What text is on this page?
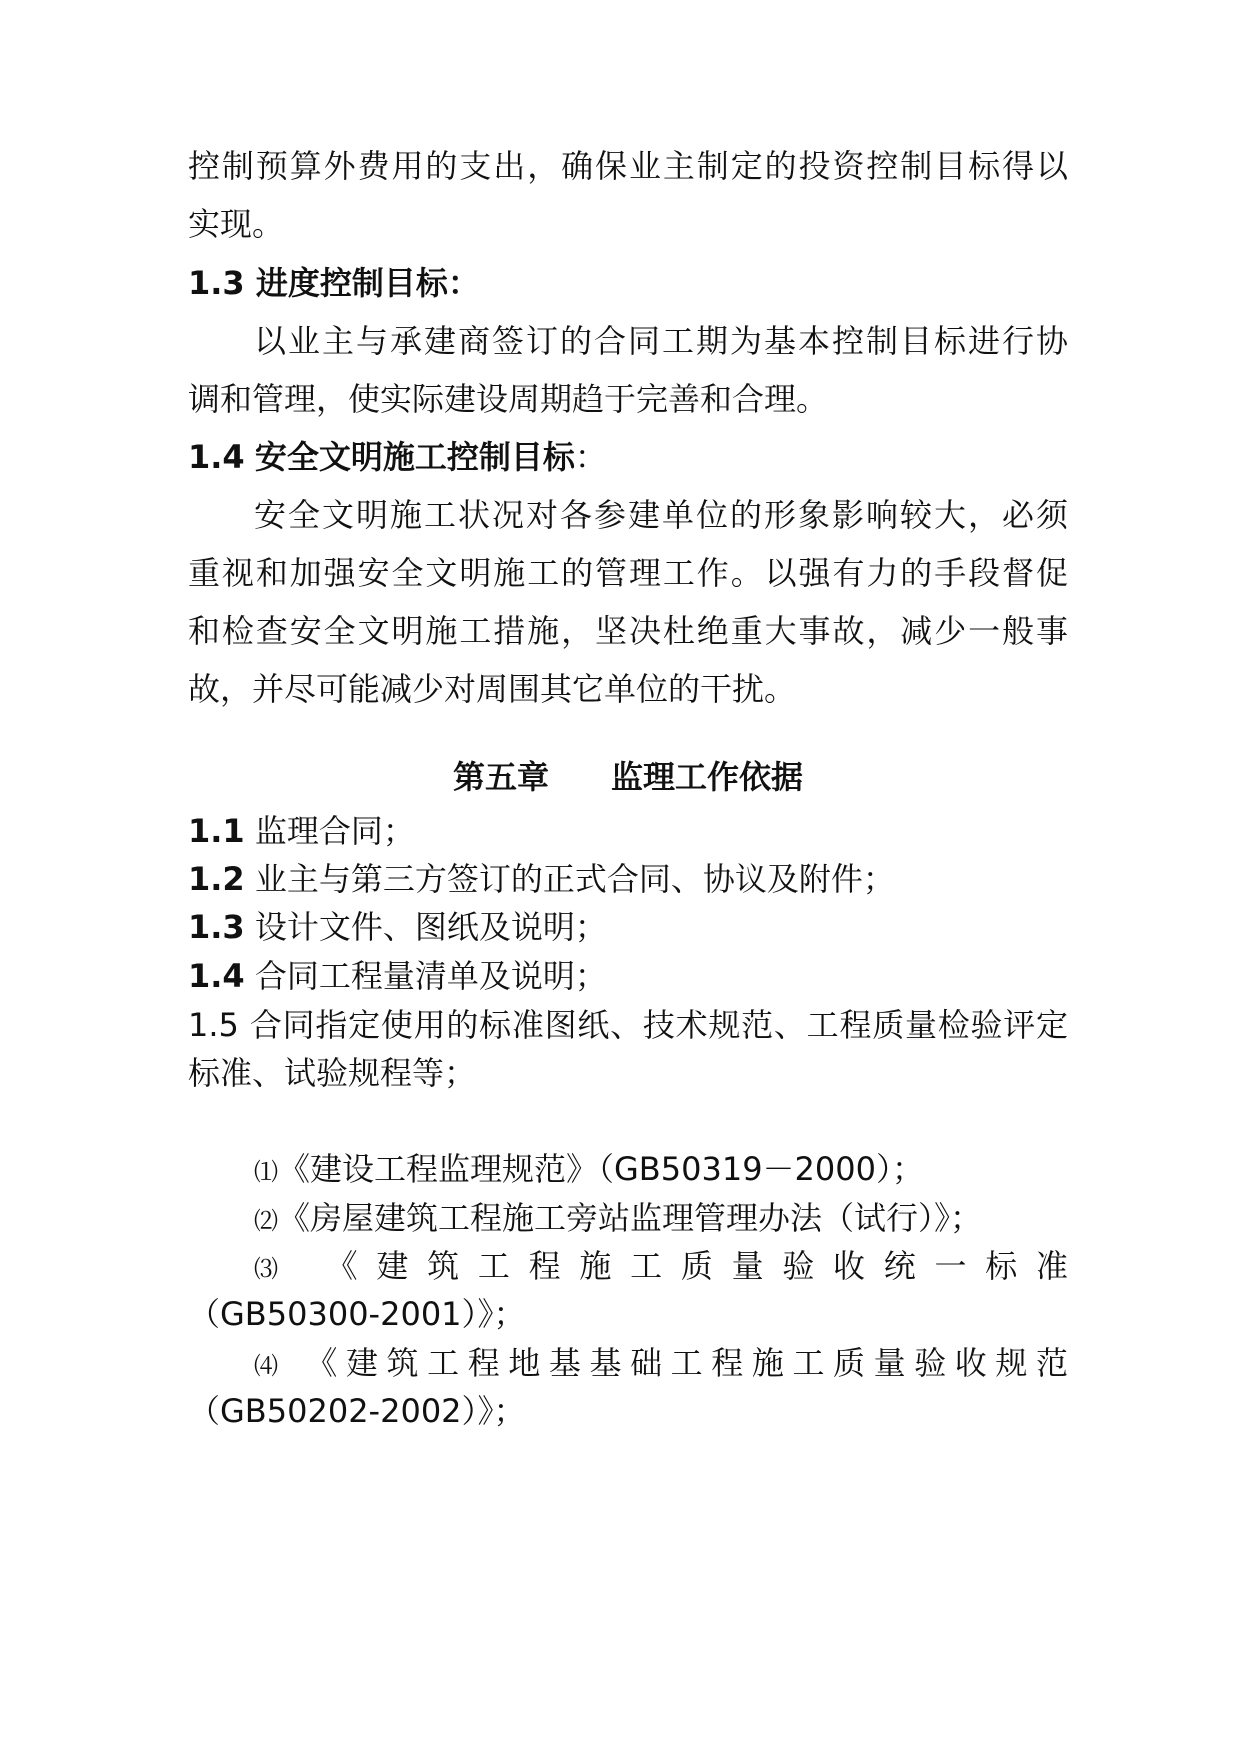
控制预算外费用的支出，确保业主制定的投资控制目标得以
实现。
1.3 进度控制目标：
以业主与承建商签订的合同工期为基本控制目标进行协
调和管理，使实际建设周期趋于完善和合理。
1.4 安全文明施工控制目标：
安全文明施工状况对各参建单位的形象影响较大，必须
重视和加强安全文明施工的管理工作。以强有力的手段督促
和检查安全文明施工措施，坚决杜绝重大事故，减少一般事
故，并尽可能减少对周围其它单位的干扰。
第五章 监理工作依据
1.1 监理合同；
1.2 业主与第三方签订的正式合同、协议及附件；
1.3 设计文件、图纸及说明；
1.4 合同工程量清单及说明；
1.5 合同指定使用的标准图纸、技术规范、工程质量检验评定
标准、试验规程等；
⑴《建设工程监理规范》（GB50319－2000）；
⑵《房屋建筑工程施工旁站监理管理办法（试行）》；
⑶ 《建筑工程施工质量验收统一标准
（GB50300-2001）》；
⑷ 《建筑工程地基基础工程施工质量验收规范
（GB50202-2002）》；
